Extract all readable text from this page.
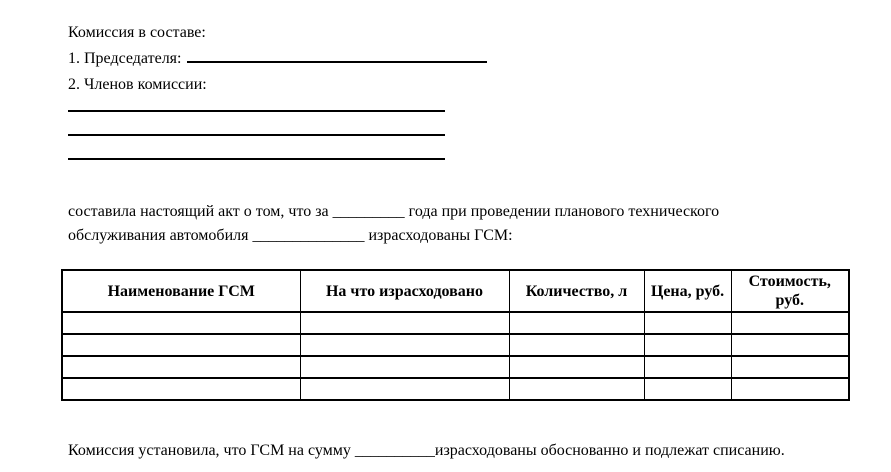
Комиссия в составе:
1. Председателя:
2. Членов комиссии:
составила настоящий акт о том, что за _________ года при проведении планового технического
обслуживания автомобиля ______________ израсходованы ГСМ:
Наименование ГСМ	На что израсходовано	Количество, л	Цена, руб.	Стоимость, руб.

Комиссия установила, что ГСМ на сумму __________израсходованы обоснованно и подлежат списанию.
